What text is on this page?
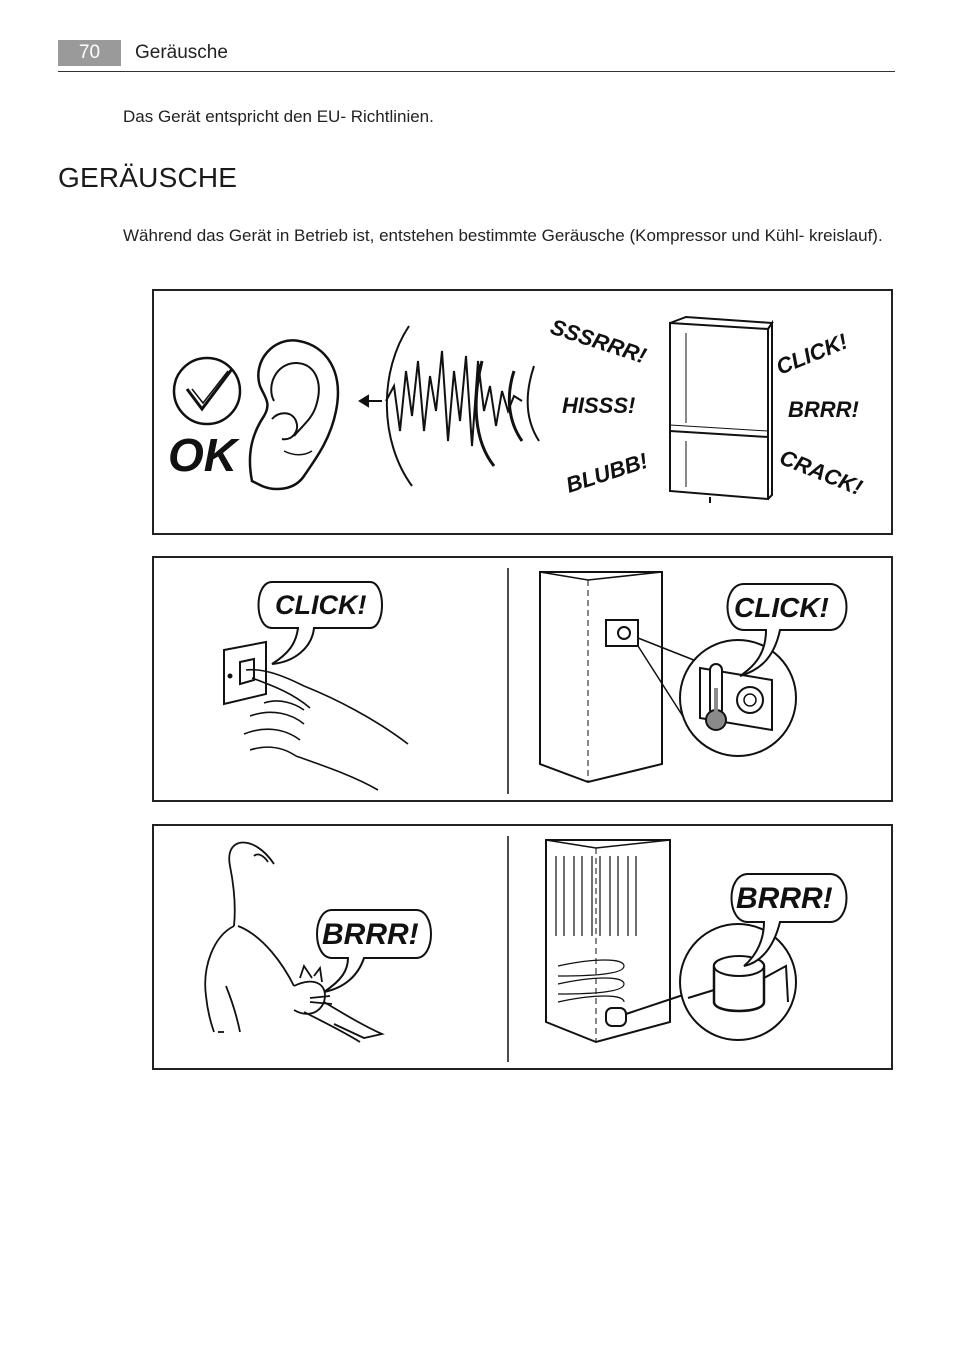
70	Geräusche
Das Gerät entspricht den EU- Richtlinien.
GERÄUSCHE
Während das Gerät in Betrieb ist, entstehen bestimmte Geräusche (Kompressor und Kühl- kreislauf).
OK
SSSRRR!
HISSS!
BLUBB!
CLICK!
BRRR!
CRACK!
CLICK!	CLICK!
BRRR!
BRRR!
